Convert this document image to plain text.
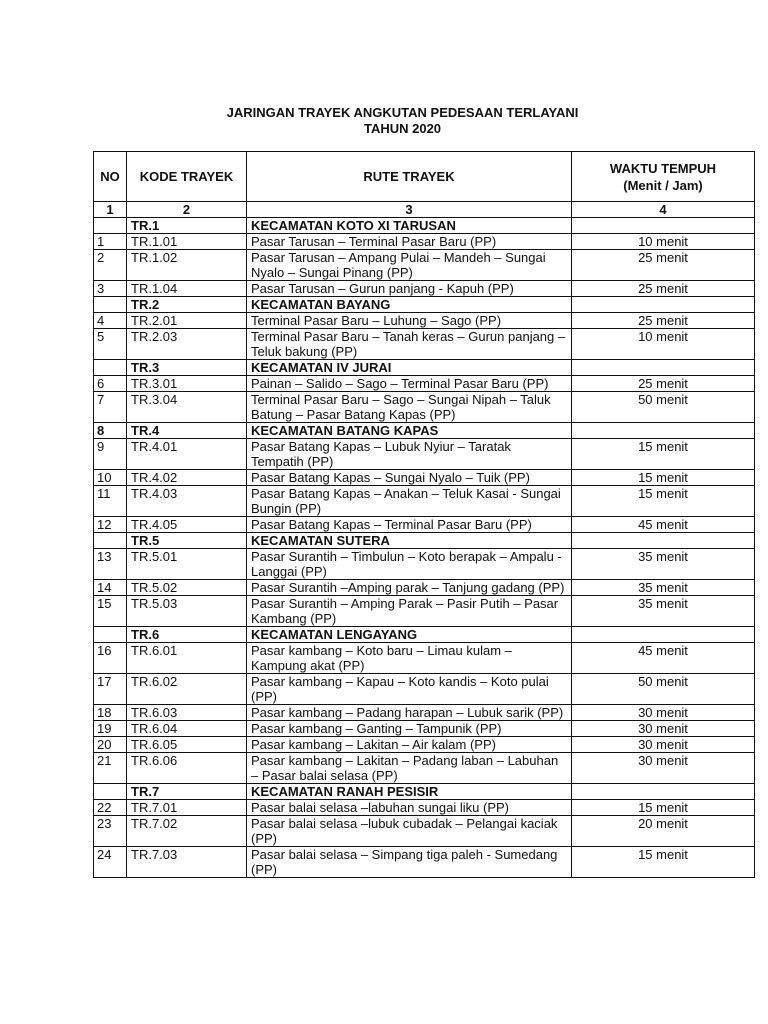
JARINGAN TRAYEK ANGKUTAN PEDESAAN TERLAYANI
TAHUN 2020
NO	KODE TRAYEK	RUTE TRAYEK	WAKTU TEMPUH
(Menit / Jam)

1	2	3	4
	TR.1	KECAMATAN KOTO XI TARUSAN	
1	TR.1.01	Pasar Tarusan – Terminal Pasar Baru (PP)	10 menit
2	TR.1.02	Pasar Tarusan – Ampang Pulai – Mandeh – Sungai Nyalo – Sungai Pinang (PP)	25 menit
3	TR.1.04	Pasar Tarusan – Gurun panjang - Kapuh (PP)	25 menit
	TR.2	KECAMATAN BAYANG	
4	TR.2.01	Terminal Pasar Baru – Luhung – Sago (PP)	25 menit
5	TR.2.03	Terminal Pasar Baru – Tanah keras – Gurun panjang – Teluk bakung (PP)	10 menit
	TR.3	KECAMATAN IV JURAI	
6	TR.3.01	Painan – Salido – Sago – Terminal Pasar Baru (PP)	25 menit
7	TR.3.04	Terminal Pasar Baru – Sago – Sungai Nipah – Taluk Batung – Pasar Batang Kapas (PP)	50 menit
8	TR.4	KECAMATAN BATANG KAPAS	
9	TR.4.01	Pasar Batang Kapas – Lubuk Nyiur – Taratak Tempatih (PP)	15 menit
10	TR.4.02	Pasar Batang Kapas – Sungai Nyalo – Tuik (PP)	15 menit
11	TR.4.03	Pasar Batang Kapas – Anakan – Teluk Kasai - Sungai Bungin (PP)	15 menit
12	TR.4.05	Pasar Batang Kapas – Terminal Pasar Baru (PP)	45 menit
	TR.5	KECAMATAN SUTERA	
13	TR.5.01	Pasar Surantih – Timbulun – Koto berapak – Ampalu - Langgai (PP)	35 menit
14	TR.5.02	Pasar Surantih –Amping parak – Tanjung gadang (PP)	35 menit
15	TR.5.03	Pasar Surantih – Amping Parak – Pasir Putih – Pasar Kambang (PP)	35 menit
	TR.6	KECAMATAN LENGAYANG	
16	TR.6.01	Pasar kambang – Koto baru – Limau kulam – Kampung akat (PP)	45 menit
17	TR.6.02	Pasar kambang – Kapau – Koto kandis – Koto pulai (PP)	50 menit
18	TR.6.03	Pasar kambang – Padang harapan – Lubuk sarik (PP)	30 menit
19	TR.6.04	Pasar kambang – Ganting – Tampunik (PP)	30 menit
20	TR.6.05	Pasar kambang – Lakitan – Air kalam (PP)	30 menit
21	TR.6.06	Pasar kambang – Lakitan – Padang laban – Labuhan – Pasar balai selasa (PP)	30 menit
	TR.7	KECAMATAN RANAH PESISIR	
22	TR.7.01	Pasar balai selasa –labuhan sungai liku (PP)	15 menit
23	TR.7.02	Pasar balai selasa –lubuk cubadak – Pelangai kaciak (PP)	20 menit
24	TR.7.03	Pasar balai selasa – Simpang tiga paleh - Sumedang (PP)	15 menit
